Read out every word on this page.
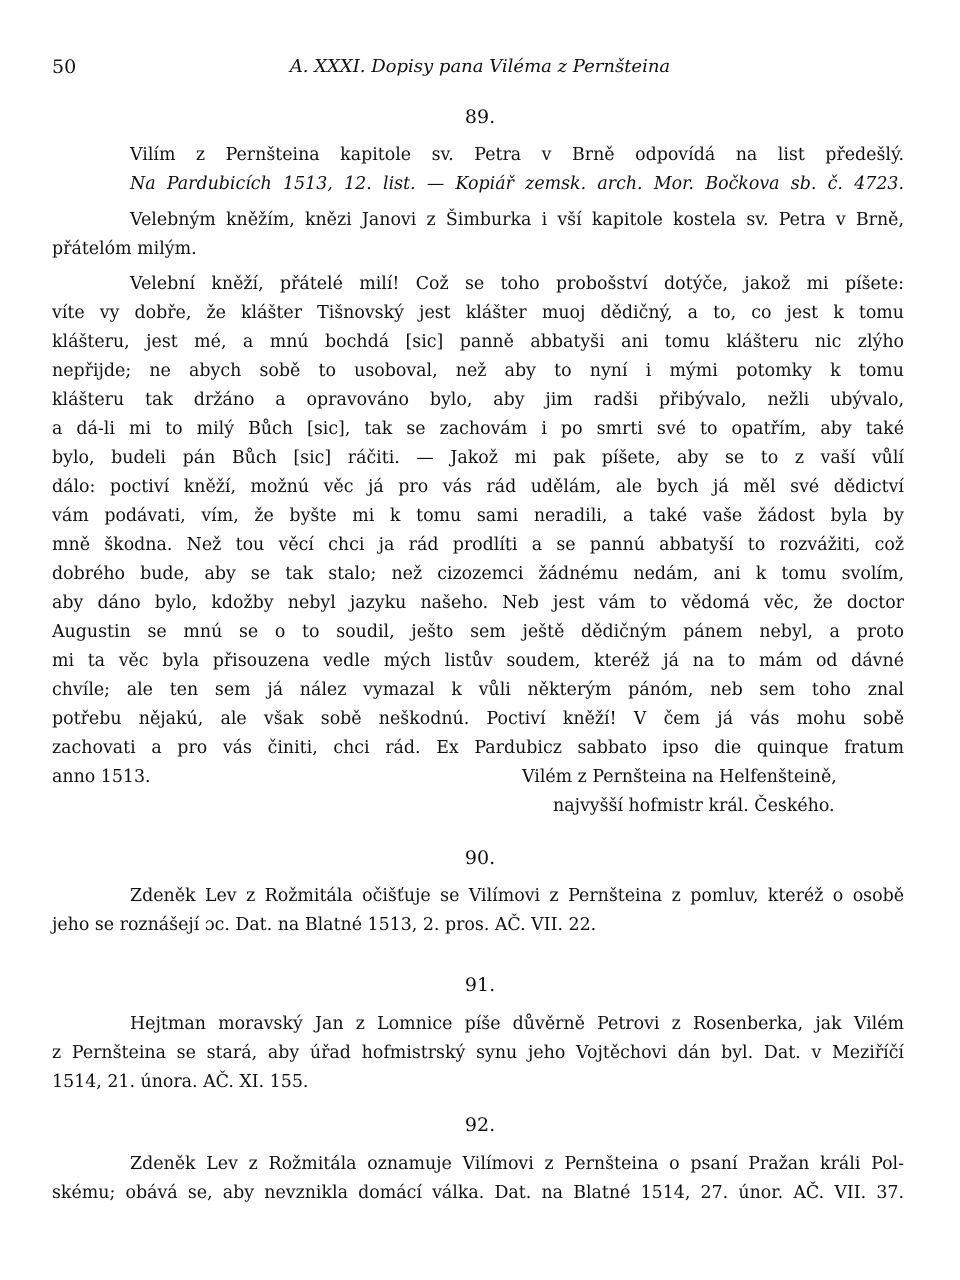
50	A. XXXI. Dopisy pana Viléma z Pernšteina
89.
Vilím z Pernšteina kapitole sv. Petra v Brně odpovídá na list předešlý.
Na Pardubicích 1513, 12. list. — Kopiář zemsk. arch. Mor. Bočkova sb. č. 4723.
Velebným kněžím, knězi Janovi z Šimburka i vší kapitole kostela sv. Petra v Brně,
přátelóm milým.
Velební kněží, přátelé milí! Což se toho probošství dotýče, jakož mi píšete:
víte vy dobře, že klášter Tišnovský jest klášter muoj dědičný, a to, co jest k tomu
klášteru, jest mé, a mnú bochdá [sic] panně abbatyši ani tomu klášteru nic zlýho
nepřijde; ne abych sobě to usoboval, než aby to nyní i mými potomky k tomu
klášteru tak držáno a opravováno bylo, aby jim radši přibývalo, nežli ubývalo,
a dá-li mi to milý Bůch [sic], tak se zachovám i po smrti své to opatřím, aby také
bylo, budeli pán Bůch [sic] ráčiti. — Jakož mi pak píšete, aby se to z vaší vůlí
dálo: poctiví kněží, možnú věc já pro vás rád udělám, ale bych já měl své dědictví
vám podávati, vím, že byšte mi k tomu sami neradili, a také vaše žádost byla by
mně škodna. Než tou věcí chci ja rád prodlíti a se pannú abbatyší to rozvážiti, což
dobrého bude, aby se tak stalo; než cizozemci žádnému nedám, ani k tomu svolím,
aby dáno bylo, kdožby nebyl jazyku našeho. Neb jest vám to vědomá věc, že doctor
Augustin se mnú se o to soudil, ješto sem ještě dědičným pánem nebyl, a proto
mi ta věc byla přisouzena vedle mých listův soudem, kteréž já na to mám od dávné
chvíle; ale ten sem já nález vymazal k vůli některým pánóm, neb sem toho znal
potřebu nějakú, ale však sobě neškodnú. Poctiví kněží! V čem já vás mohu sobě
zachovati a pro vás činiti, chci rád. Ex Pardubicz sabbato ipso die quinque fratum
anno 1513.	Vilém z Pernšteina na Helfenšteině,
najvyšší hofmistr král. Českého.
90.
Zdeněk Lev z Rožmitála očišťuje se Vilímovi z Pernšteina z pomluv, kteréž o osobě
jeho se roznášejí ɔc. Dat. na Blatné 1513, 2. pros. AČ. VII. 22.
91.
Hejtman moravský Jan z Lomnice píše důvěrně Petrovi z Rosenberka, jak Vilém
z Pernšteina se stará, aby úřad hofmistrský synu jeho Vojtěchovi dán byl. Dat. v Meziříčí
1514, 21. února. AČ. XI. 155.
92.
Zdeněk Lev z Rožmitála oznamuje Vilímovi z Pernšteina o psaní Pražan králi Pol-
skému; obává se, aby nevznikla domácí válka. Dat. na Blatné 1514, 27. únor. AČ. VII. 37.
